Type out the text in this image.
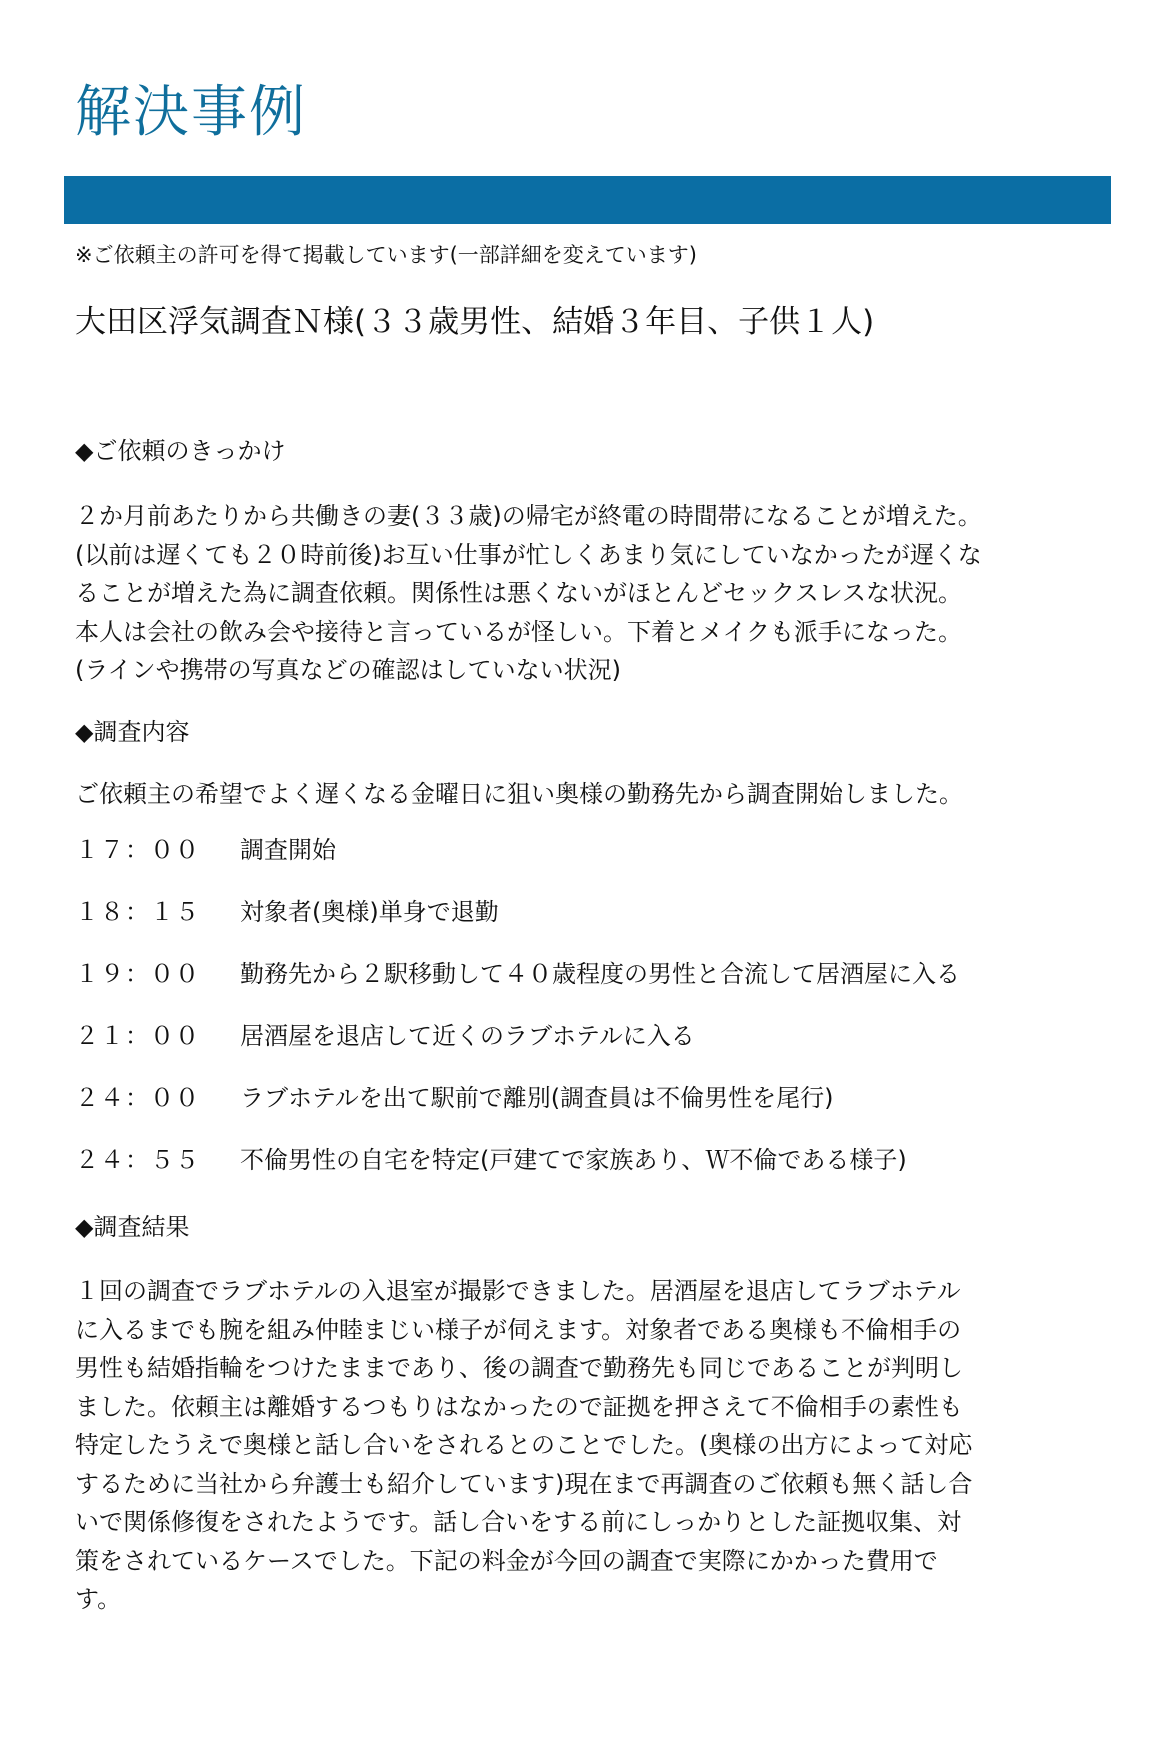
解決事例
※ご依頼主の許可を得て掲載しています(一部詳細を変えています)
大田区浮気調査Ｎ様(３３歳男性、結婚３年目、子供１人)
◆ご依頼のきっかけ

２か月前あたりから共働きの妻(３３歳)の帰宅が終電の時間帯になることが増えた。

(以前は遅くても２０時前後)お互い仕事が忙しくあまり気にしていなかったが遅くな

ることが増えた為に調査依頼。関係性は悪くないがほとんどセックスレスな状況。

本人は会社の飲み会や接待と言っているが怪しい。下着とメイクも派手になった。

(ラインや携帯の写真などの確認はしていない状況)

◆調査内容
ご依頼主の希望でよく遅くなる金曜日に狙い奥様の勤務先から調査開始しました。
１７：００	調査開始
１８：１５	対象者(奥様)単身で退勤
１９：００	勤務先から２駅移動して４０歳程度の男性と合流して居酒屋に入る
２１：００	居酒屋を退店して近くのラブホテルに入る
２４：００	ラブホテルを出て駅前で離別(調査員は不倫男性を尾行)
２４：５５	不倫男性の自宅を特定(戸建てで家族あり、Ｗ不倫である様子)
◆調査結果

１回の調査でラブホテルの入退室が撮影できました。居酒屋を退店してラブホテル

に入るまでも腕を組み仲睦まじい様子が伺えます。対象者である奥様も不倫相手の

男性も結婚指輪をつけたままであり、後の調査で勤務先も同じであることが判明し

ました。依頼主は離婚するつもりはなかったので証拠を押さえて不倫相手の素性も

特定したうえで奥様と話し合いをされるとのことでした。(奥様の出方によって対応

するために当社から弁護士も紹介しています)現在まで再調査のご依頼も無く話し合

いで関係修復をされたようです。話し合いをする前にしっかりとした証拠収集、対

策をされているケースでした。下記の料金が今回の調査で実際にかかった費用で

す。
